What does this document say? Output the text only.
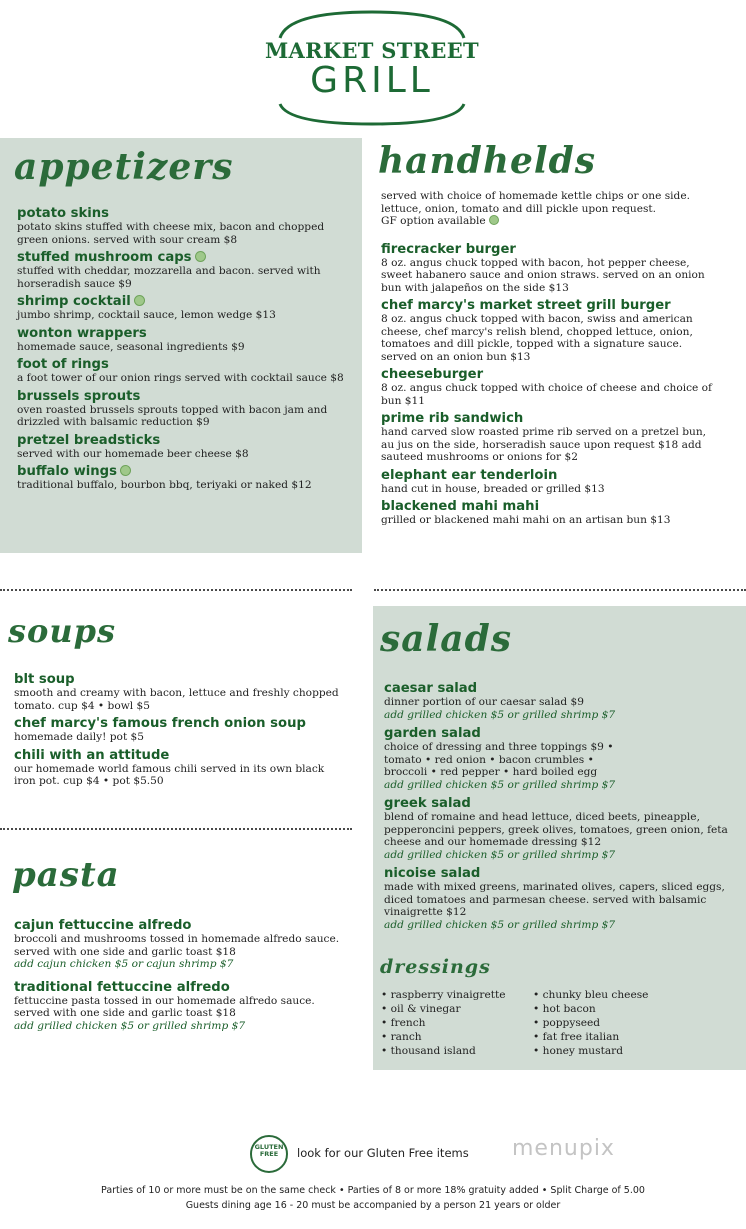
MARKET STREET
GRILL
appetizers
potato skins
potato skins stuffed with cheese mix, bacon and chopped green onions. served with sour cream $8
stuffed mushroom caps
stuffed with cheddar, mozzarella and bacon. served with horseradish sauce $9
shrimp cocktail
jumbo shrimp, cocktail sauce, lemon wedge $13
wonton wrappers
homemade sauce, seasonal ingredients $9
foot of rings
a foot tower of our onion rings served with cocktail sauce $8
brussels sprouts
oven roasted brussels sprouts topped with bacon jam and drizzled with balsamic reduction $9
pretzel breadsticks
served with our homemade beer cheese $8
buffalo wings
traditional buffalo, bourbon bbq, teriyaki or naked $12
handhelds
served with choice of homemade kettle chips or one side. lettuce, onion, tomato and dill pickle upon request.
GF option available
firecracker burger
8 oz. angus chuck topped with bacon, hot pepper cheese, sweet habanero sauce and onion straws. served on an onion bun with jalapeños on the side $13
chef marcy's market street grill burger
8 oz. angus chuck topped with bacon, swiss and american cheese, chef marcy's relish blend, chopped lettuce, onion, tomatoes and dill pickle, topped with a signature sauce. served on an onion bun $13
cheeseburger
8 oz. angus chuck topped with choice of cheese and choice of bun $11
prime rib sandwich
hand carved slow roasted prime rib served on a pretzel bun, au jus on the side, horseradish sauce upon request $18 add sauteed mushrooms or onions for $2
elephant ear tenderloin
hand cut in house, breaded or grilled $13
blackened mahi mahi
grilled or blackened mahi mahi on an artisan bun $13
soups
blt soup
smooth and creamy with bacon, lettuce and freshly chopped tomato. cup $4 • bowl $5
chef marcy's famous french onion soup
homemade daily! pot $5
chili with an attitude
our homemade world famous chili served in its own black iron pot. cup $4 • pot $5.50
pasta
cajun fettuccine alfredo
broccoli and mushrooms tossed in homemade alfredo sauce. served with one side and garlic toast $18
add cajun chicken $5 or cajun shrimp $7
traditional fettuccine alfredo
fettuccine pasta tossed in our homemade alfredo sauce. served with one side and garlic toast $18
add grilled chicken $5 or grilled shrimp $7
salads
caesar salad
dinner portion of our caesar salad $9
add grilled chicken $5 or grilled shrimp $7
garden salad
choice of dressing and three toppings $9 • tomato • red onion • bacon crumbles • broccoli • red pepper • hard boiled egg
add grilled chicken $5 or grilled shrimp $7
greek salad
blend of romaine and head lettuce, diced beets, pineapple, pepperoncini peppers, greek olives, tomatoes, green onion, feta cheese and our homemade dressing $12
add grilled chicken $5 or grilled shrimp $7
nicoise salad
made with mixed greens, marinated olives, capers, sliced eggs, diced tomatoes and parmesan cheese. served with balsamic vinaigrette $12
add grilled chicken $5 or grilled shrimp $7
dressings
• raspberry vinaigrette
• oil & vinegar
• french
• ranch
• thousand island
• chunky bleu cheese
• hot bacon
• poppyseed
• fat free italian
• honey mustard
GLUTEN FREE	look for our Gluten Free items menupix
Parties of 10 or more must be on the same check • Parties of 8 or more 18% gratuity added • Split Charge of 5.00
Guests dining age 16 - 20 must be accompanied by a person 21 years or older
